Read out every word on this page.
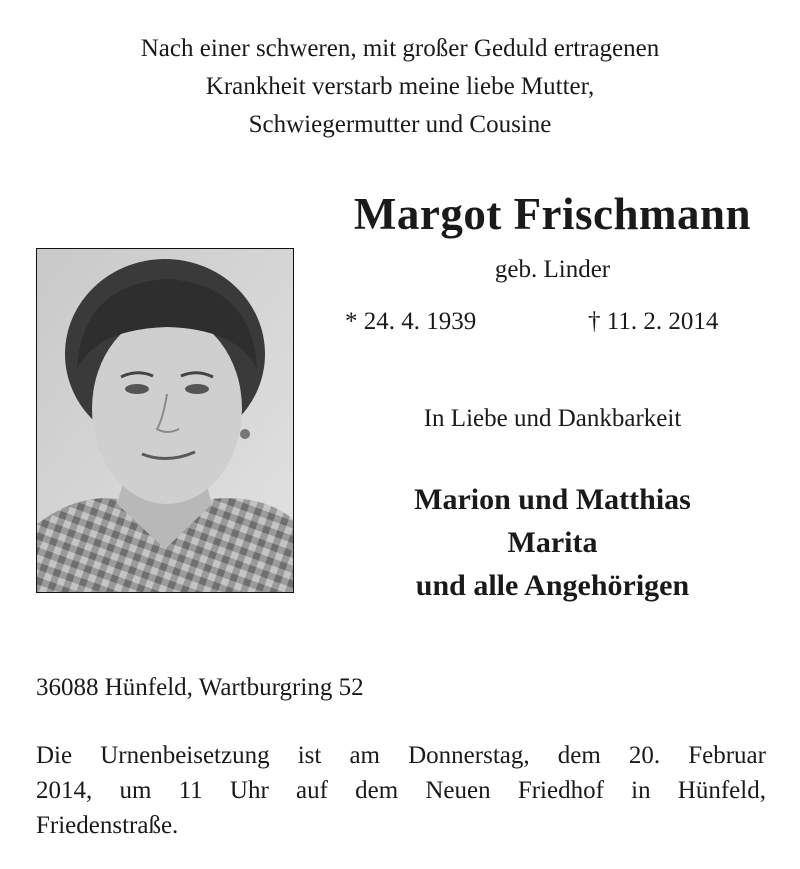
Nach einer schweren, mit großer Geduld ertragenen
Krankheit verstarb meine liebe Mutter,
Schwiegermutter und Cousine
Margot Frischmann
geb. Linder
* 24. 4. 1939	† 11. 2. 2014
In Liebe und Dankbarkeit
Marion und Matthias
Marita
und alle Angehörigen
36088 Hünfeld, Wartburgring 52
Die Urnenbeisetzung ist am Donnerstag, dem 20. Februar
2014, um 11 Uhr auf dem Neuen Friedhof in Hünfeld,
Friedenstraße.
